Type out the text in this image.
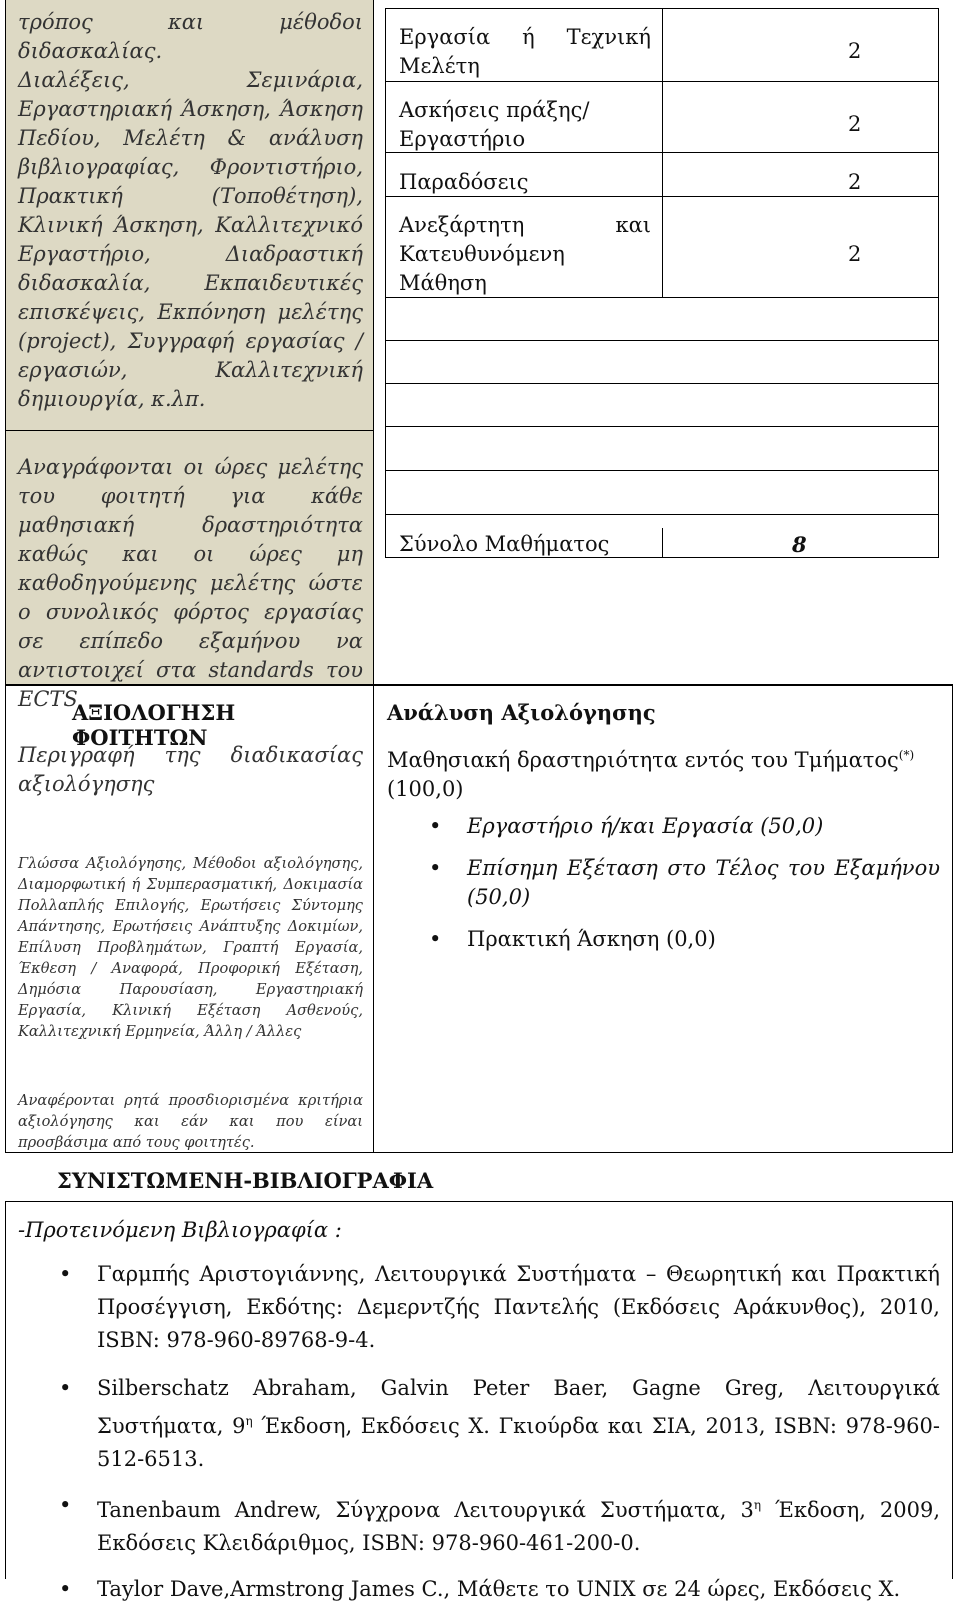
τρόπος και μέθοδοι διδασκαλίας.
Διαλέξεις, Σεμινάρια, Εργαστηριακή Άσκηση, Άσκηση Πεδίου, Μελέτη & ανάλυση βιβλιογραφίας, Φροντιστήριο, Πρακτική (Τοποθέτηση), Κλινική Άσκηση, Καλλιτεχνικό Εργαστήριο, Διαδραστική διδασκαλία, Εκπαιδευτικές επισκέψεις, Εκπόνηση μελέτης (project), Συγγραφή εργασίας / εργασιών, Καλλιτεχνική δημιουργία, κ.λπ.
Αναγράφονται οι ώρες μελέτης του φοιτητή για κάθε μαθησιακή δραστηριότητα καθώς και οι ώρες μη καθοδηγούμενης μελέτης ώστε ο συνολικός φόρτος εργασίας σε επίπεδο εξαμήνου να αντιστοιχεί στα standards του ECTS
Εργασία ή Τεχνική Μελέτη
2
Ασκήσεις πράξης/Εργαστήριο
2
Παραδόσεις	2
Ανεξάρτητη και Κατευθυνόμενη Μάθηση
2
Σύνολο Μαθήματος	8
ΑΞΙΟΛΟΓΗΣΗ ΦΟΙΤΗΤΩΝ
Περιγραφή της διαδικασίας αξιολόγησης
Γλώσσα Αξιολόγησης, Μέθοδοι αξιολόγησης, Διαμορφωτική ή Συμπερασματική, Δοκιμασία Πολλαπλής Επιλογής, Ερωτήσεις Σύντομης Απάντησης, Ερωτήσεις Ανάπτυξης Δοκιμίων, Επίλυση Προβλημάτων, Γραπτή Εργασία, Έκθεση / Αναφορά, Προφορική Εξέταση, Δημόσια Παρουσίαση, Εργαστηριακή Εργασία, Κλινική Εξέταση Ασθενούς, Καλλιτεχνική Ερμηνεία, Άλλη / Άλλες
Αναφέρονται ρητά προσδιορισμένα κριτήρια αξιολόγησης και εάν και που είναι προσβάσιμα από τους φοιτητές.
Ανάλυση Αξιολόγησης
Μαθησιακή δραστηριότητα εντός του Τμήματος(*)
(100,0)
• Εργαστήριο ή/και Εργασία (50,0)
• Επίσημη Εξέταση στο Τέλος του Εξαμήνου (50,0)
• Πρακτική Άσκηση (0,0)
ΣΥΝΙΣΤΩΜΕΝΗ-ΒΙΒΛΙΟΓΡΑΦΙΑ
-Προτεινόμενη Βιβλιογραφία :
• Γαρμπής Αριστογιάννης, Λειτουργικά Συστήματα – Θεωρητική και Πρακτική Προσέγγιση, Εκδότης: Δεμερντζής Παντελής (Εκδόσεις Αράκυνθος), 2010, ISBN: 978-960-89768-9-4.
• Silberschatz Abraham, Galvin Peter Baer, Gagne Greg, Λειτουργικά Συστήματα, $9^\eta$ Έκδοση, Εκδόσεις Χ. Γκιούρδα και ΣΙΑ, 2013, ISBN: 978-960-512-6513.
• Tanenbaum Andrew, Σύγχρονα Λειτουργικά Συστήματα, $3^\eta$ Έκδοση, 2009, Εκδόσεις Κλειδάριθμος, ISBN: 978-960-461-200-0.
• Taylor Dave,Armstrong James C., Μάθετε το UNIX σε 24 ώρες, Εκδόσεις Χ.
